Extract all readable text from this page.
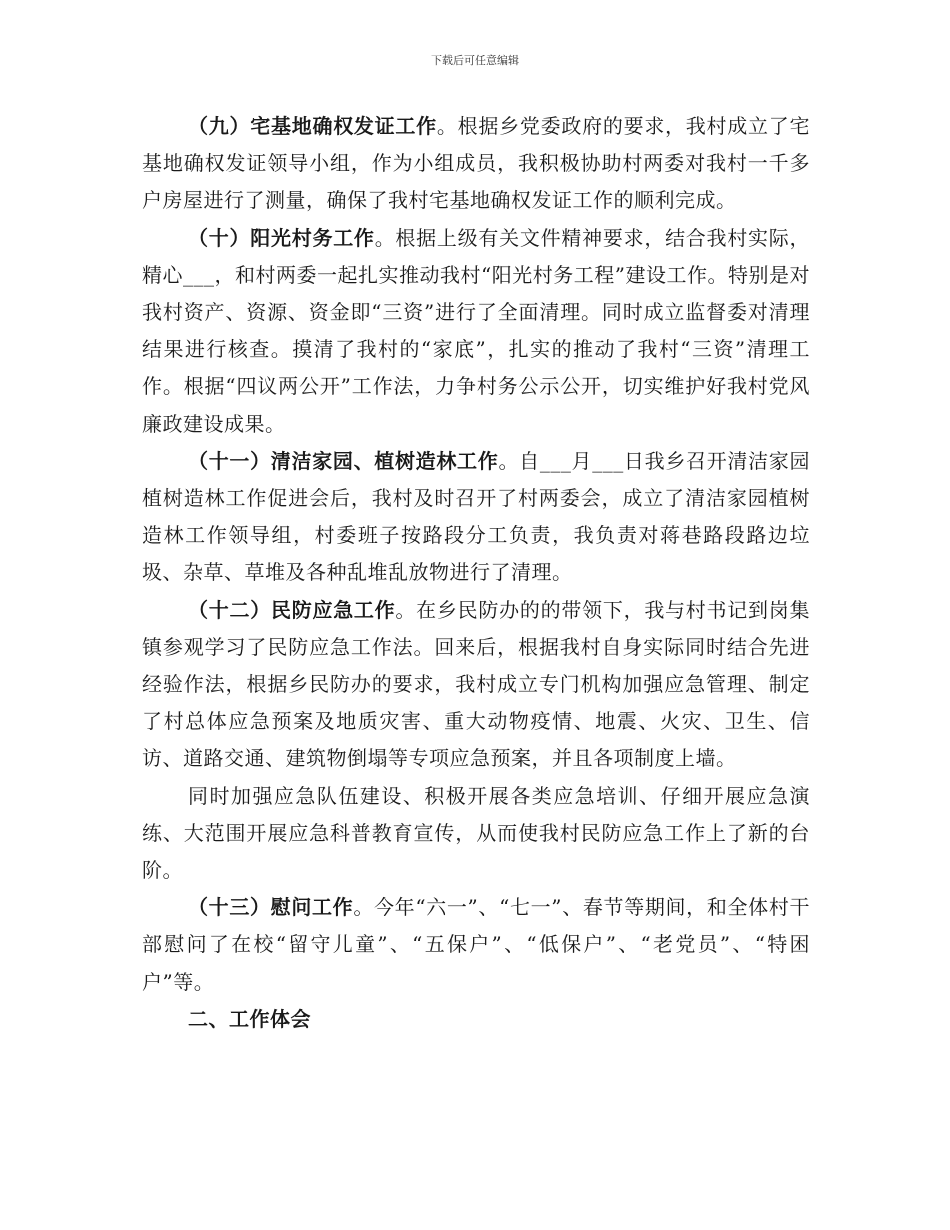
下载后可任意编辑

（九）宅基地确权发证工作。根据乡党委政府的要求，我村成立了宅基地确权发证领导小组，作为小组成员，我积极协助村两委对我村一千多户房屋进行了测量，确保了我村宅基地确权发证工作的顺利完成。

（十）阳光村务工作。根据上级有关文件精神要求，结合我村实际，精心___，和村两委一起扎实推动我村“阳光村务工程”建设工作。特别是对我村资产、资源、资金即“三资”进行了全面清理。同时成立监督委对清理结果进行核查。摸清了我村的“家底”，扎实的推动了我村“三资”清理工作。根据“四议两公开”工作法，力争村务公示公开，切实维护好我村党风廉政建设成果。

（十一）清洁家园、植树造林工作。自___月___日我乡召开清洁家园植树造林工作促进会后，我村及时召开了村两委会，成立了清洁家园植树造林工作领导组，村委班子按路段分工负责，我负责对蒋巷路段路边垃圾、杂草、草堆及各种乱堆乱放物进行了清理。

（十二）民防应急工作。在乡民防办的的带领下，我与村书记到岗集镇参观学习了民防应急工作法。回来后，根据我村自身实际同时结合先进经验作法，根据乡民防办的要求，我村成立专门机构加强应急管理、制定了村总体应急预案及地质灾害、重大动物疫情、地震、火灾、卫生、信访、道路交通、建筑物倒塌等专项应急预案，并且各项制度上墙。

同时加强应急队伍建设、积极开展各类应急培训、仔细开展应急演练、大范围开展应急科普教育宣传，从而使我村民防应急工作上了新的台阶。

（十三）慰问工作。今年“六一”、“七一”、春节等期间，和全体村干部慰问了在校“留守儿童”、“五保户”、“低保户”、“老党员”、“特困户”等。

二、工作体会
